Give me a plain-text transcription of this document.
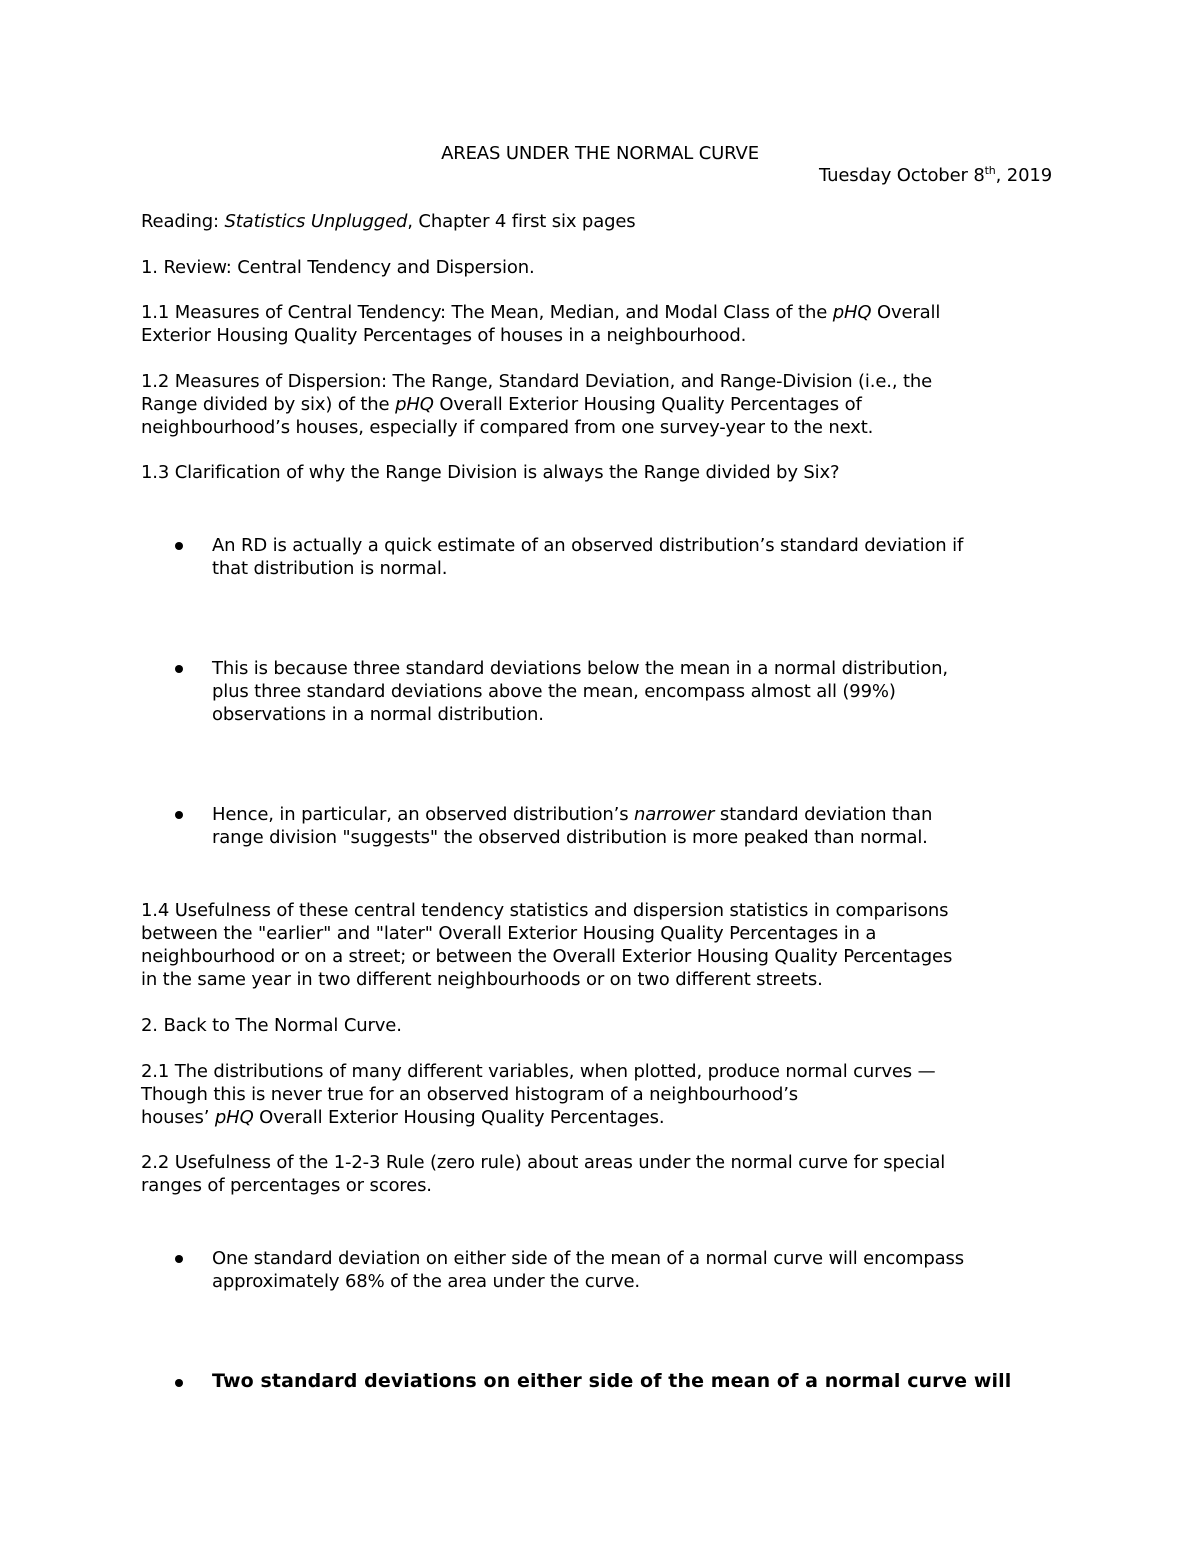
AREAS UNDER THE NORMAL CURVE
Tuesday October 8th, 2019
Reading: Statistics Unplugged, Chapter 4 first six pages
1. Review: Central Tendency and Dispersion.
1.1 Measures of Central Tendency: The Mean, Median, and Modal Class of the pHQ Overall
Exterior Housing Quality Percentages of houses in a neighbourhood.
1.2 Measures of Dispersion: The Range, Standard Deviation, and Range-Division (i.e., the
Range divided by six) of the pHQ Overall Exterior Housing Quality Percentages of
neighbourhood’s houses, especially if compared from one survey-year to the next.
1.3 Clarification of why the Range Division is always the Range divided by Six?
An RD is actually a quick estimate of an observed distribution’s standard deviation if
that distribution is normal.
This is because three standard deviations below the mean in a normal distribution,
plus three standard deviations above the mean, encompass almost all (99%)
observations in a normal distribution.
Hence, in particular, an observed distribution’s narrower standard deviation than
range division "suggests" the observed distribution is more peaked than normal.
1.4 Usefulness of these central tendency statistics and dispersion statistics in comparisons
between the "earlier" and "later" Overall Exterior Housing Quality Percentages in a
neighbourhood or on a street; or between the Overall Exterior Housing Quality Percentages
in the same year in two different neighbourhoods or on two different streets.
2. Back to The Normal Curve.
2.1 The distributions of many different variables, when plotted, produce normal curves —
Though this is never true for an observed histogram of a neighbourhood’s
houses’ pHQ Overall Exterior Housing Quality Percentages.
2.2 Usefulness of the 1-2-3 Rule (zero rule) about areas under the normal curve for special
ranges of percentages or scores.
One standard deviation on either side of the mean of a normal curve will encompass
approximately 68% of the area under the curve.
Two standard deviations on either side of the mean of a normal curve will
